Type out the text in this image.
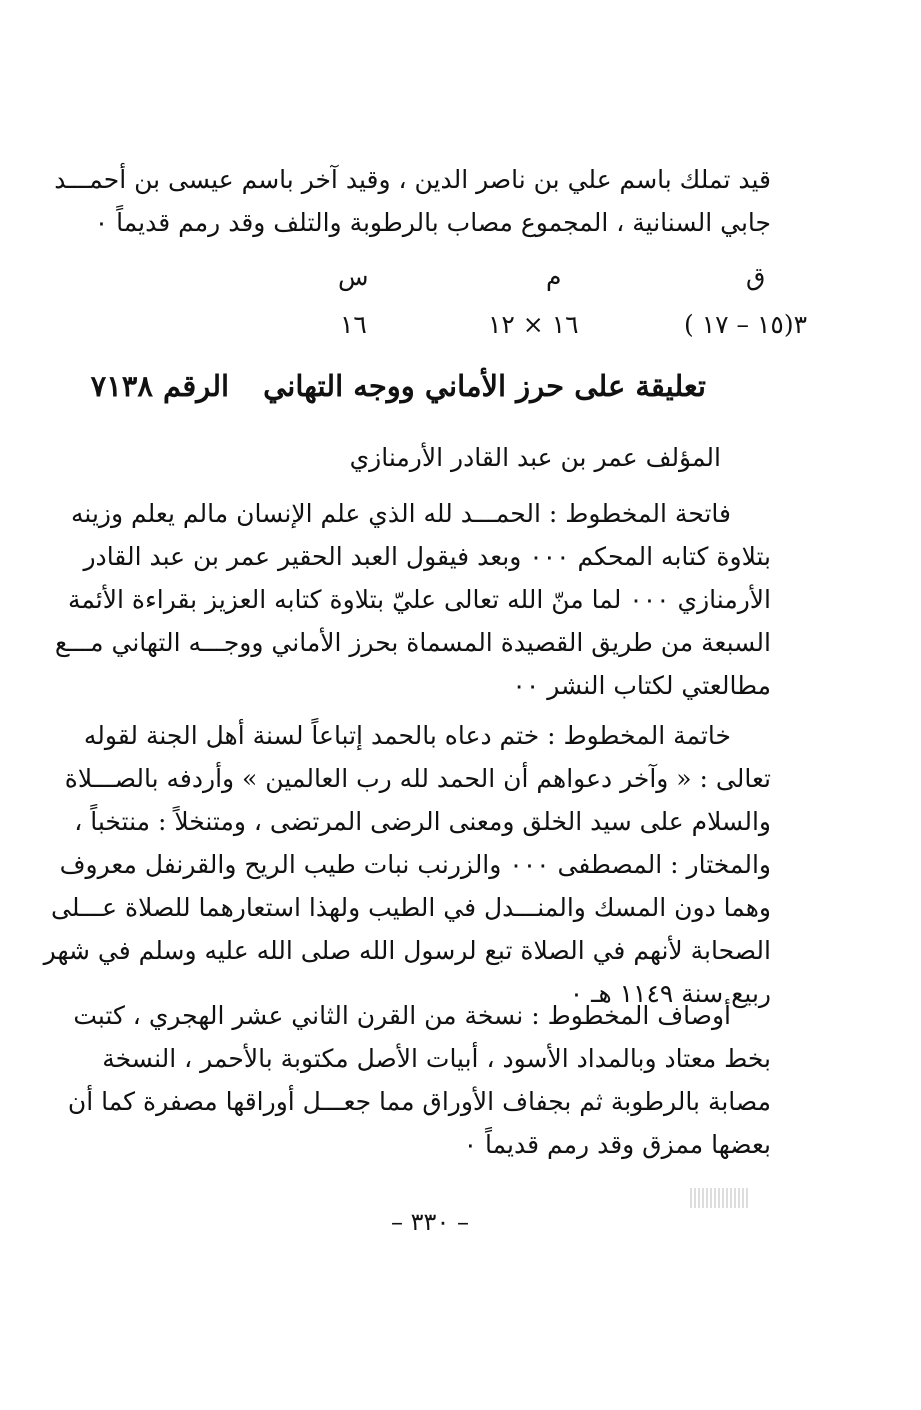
قيد تملك باسم علي بن ناصر الدين ، وقيد آخر باسم عيسى بن أحمـــد
جابي السنانية ، المجموع مصاب بالرطوبة والتلف وقد رمم قديماً ٠
س	م	ق
١٦	١٦ × ١٢	٣(١٥ – ١٧ )
تعليقة على حرز الأماني ووجه التهانيالرقم ٧١٣٨
المؤلف عمر بن عبد القادر الأرمنازي
فاتحة المخطوط : الحمـــد لله الذي علم الإنسان مالم يعلم وزينه
بتلاوة كتابه المحكم ٠٠٠ وبعد فيقول العبد الحقير عمر بن عبد القادر
الأرمنازي ٠٠٠ لما منّ الله تعالى عليّ بتلاوة كتابه العزيز بقراءة الأئمة
السبعة من طريق القصيدة المسماة بحرز الأماني ووجـــه التهاني مـــع
مطالعتي لكتاب النشر ٠٠
خاتمة المخطوط : ختم دعاه بالحمد إتباعاً لسنة أهل الجنة لقوله
تعالى : « وآخر دعواهم أن الحمد لله رب العالمين » وأردفه بالصـــلاة
والسلام على سيد الخلق ومعنى الرضى المرتضى ، ومتنخلاً : منتخباً ،
والمختار : المصطفى ٠٠٠ والزرنب نبات طيب الريح والقرنفل معروف
وهما دون المسك والمنـــدل في الطيب ولهذا استعارهما للصلاة عـــلى
الصحابة لأنهم في الصلاة تبع لرسول الله صلى الله عليه وسلم في شهر
ربيع سنة ١١٤٩ هـ ٠
أوصاف المخطوط : نسخة من القرن الثاني عشر الهجري ، كتبت
بخط معتاد وبالمداد الأسود ، أبيات الأصل مكتوبة بالأحمر ، النسخة
مصابة بالرطوبة ثم بجفاف الأوراق مما جعـــل أوراقها مصفرة كما أن
بعضها ممزق وقد رمم قديماً ٠
– ٣٣٠ –
